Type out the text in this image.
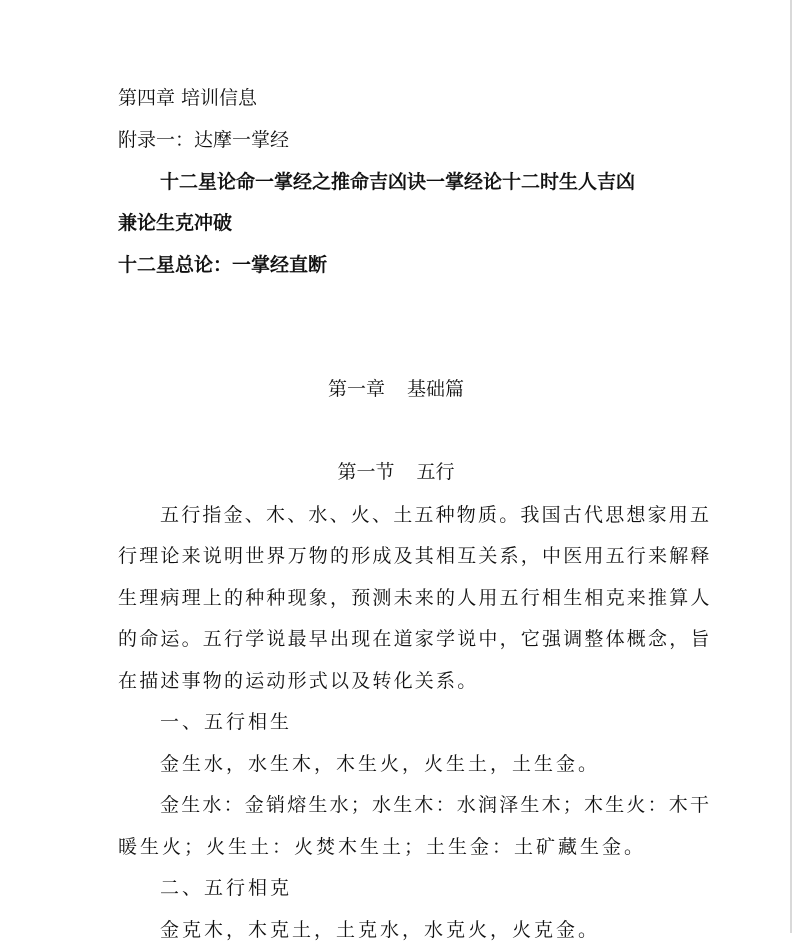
第四章 培训信息
附录一：达摩一掌经
十二星论命一掌经之推命吉凶诀一掌经论十二时生人吉凶
兼论生克冲破
十二星总论：一掌经直断
第一章 基础篇
第一节 五行
五行指金、木、水、火、土五种物质。我国古代思想家用五
行理论来说明世界万物的形成及其相互关系，中医用五行来解释
生理病理上的种种现象，预测未来的人用五行相生相克来推算人
的命运。五行学说最早出现在道家学说中，它强调整体概念，旨
在描述事物的运动形式以及转化关系。
一、五行相生
金生水，水生木，木生火，火生土，土生金。
金生水：金销熔生水；水生木：水润泽生木；木生火：木干
暖生火；火生土：火焚木生土；土生金：土矿藏生金。
二、五行相克
金克木，木克土，土克水，水克火，火克金。
